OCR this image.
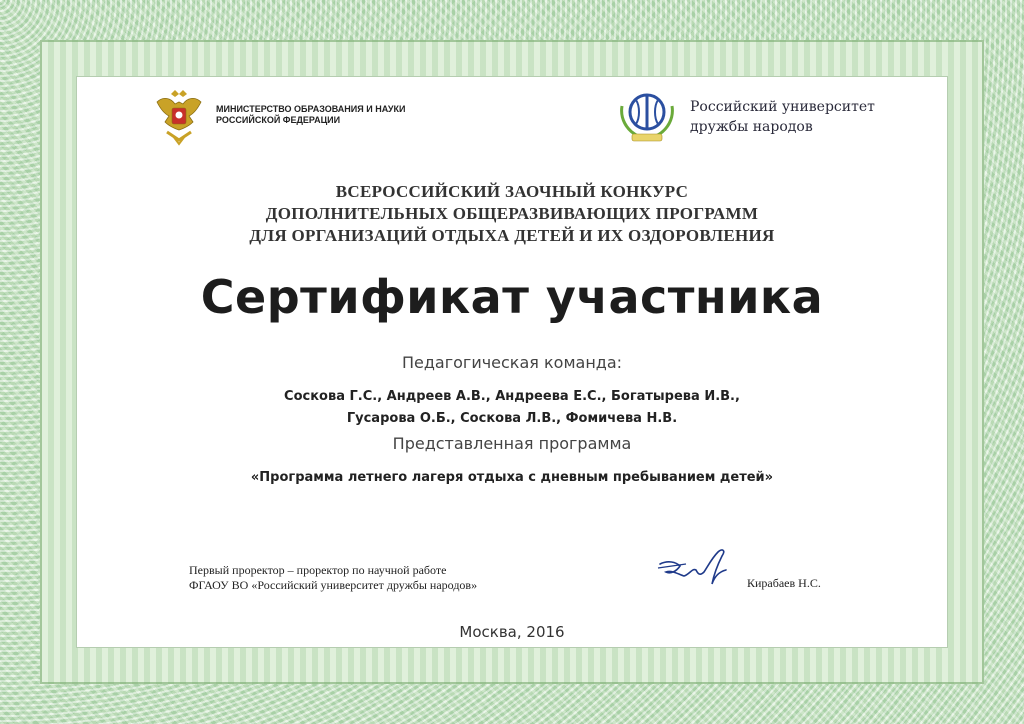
МИНИСТЕРСТВО ОБРАЗОВАНИЯ И НАУКИ
РОССИЙСКОЙ ФЕДЕРАЦИИ
Российский университет
дружбы народов
ВСЕРОССИЙСКИЙ ЗАОЧНЫЙ КОНКУРС
ДОПОЛНИТЕЛЬНЫХ ОБЩЕРАЗВИВАЮЩИХ ПРОГРАММ
ДЛЯ ОРГАНИЗАЦИЙ ОТДЫХА ДЕТЕЙ И ИХ ОЗДОРОВЛЕНИЯ
Сертификат участника
Педагогическая команда:
Соскова Г.С., Андреев А.В., Андреева Е.С., Богатырева И.В.,
Гусарова О.Б., Соскова Л.В., Фомичева Н.В.
Представленная программа
«Программа летнего лагеря отдыха с дневным пребыванием детей»
Первый проректор – проректор по научной работе
ФГАОУ ВО «Российский университет дружбы народов»	Кирабаев Н.С.
Москва, 2016
